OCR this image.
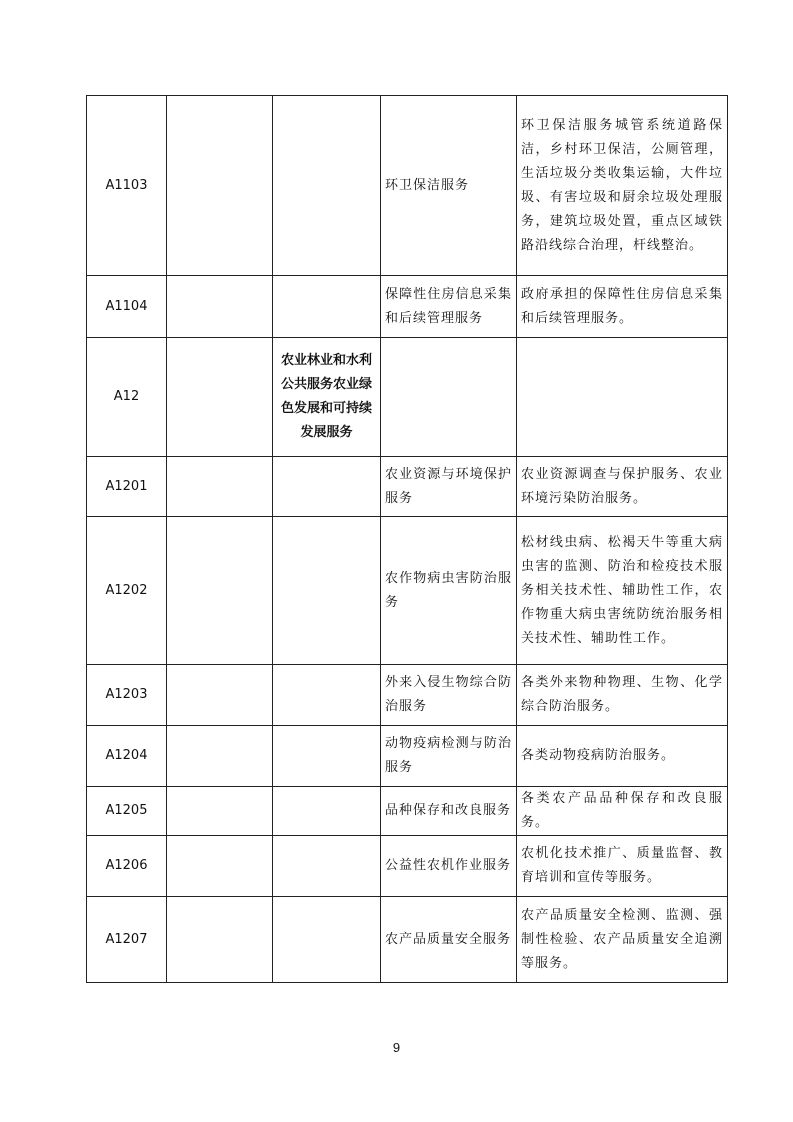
A1103			环卫保洁服务	环卫保洁服务城管系统道路保洁，乡村环卫保洁，公厕管理，生活垃圾分类收集运输，大件垃圾、有害垃圾和厨余垃圾处理服务，建筑垃圾处置，重点区域铁路沿线综合治理，杆线整治。
A1104			保障性住房信息采集和后续管理服务	政府承担的保障性住房信息采集和后续管理服务。
A12		农业林业和水利公共服务农业绿色发展和可持续发展服务		
A1201			农业资源与环境保护服务	农业资源调查与保护服务、农业环境污染防治服务。
A1202			农作物病虫害防治服务	松材线虫病、松褐天牛等重大病虫害的监测、防治和检疫技术服务相关技术性、辅助性工作，农作物重大病虫害统防统治服务相关技术性、辅助性工作。
A1203			外来入侵生物综合防治服务	各类外来物种物理、生物、化学综合防治服务。
A1204			动物疫病检测与防治服务	各类动物疫病防治服务。
A1205			品种保存和改良服务	各类农产品品种保存和改良服务。
A1206			公益性农机作业服务	农机化技术推广、质量监督、教育培训和宣传等服务。
A1207			农产品质量安全服务	农产品质量安全检测、监测、强制性检验、农产品质量安全追溯等服务。
9
